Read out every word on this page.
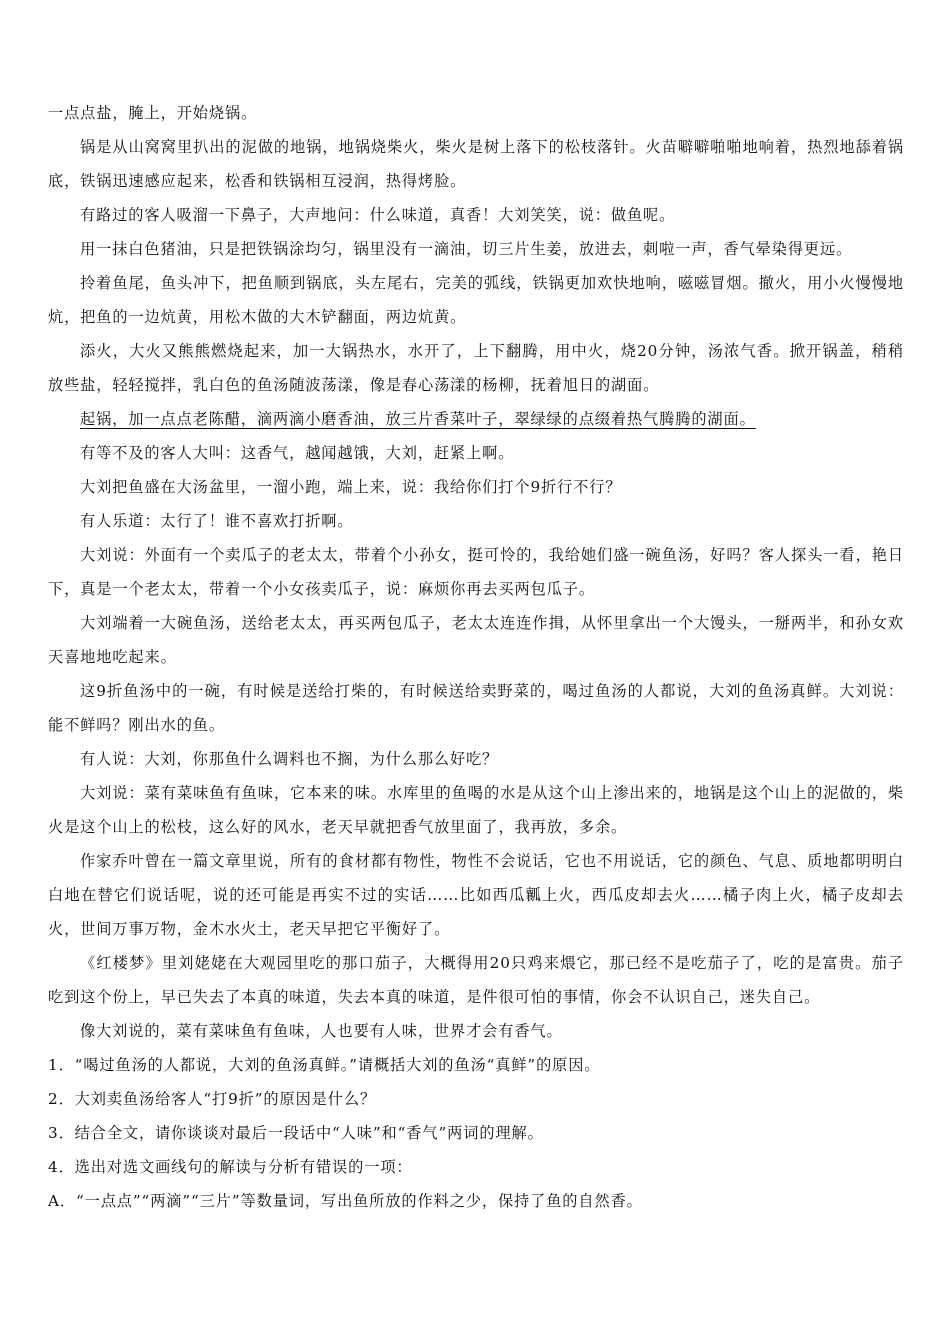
一点点盐，腌上，开始烧锅。

锅是从山窝窝里扒出的泥做的地锅，地锅烧柴火，柴火是树上落下的松枝落针。火苗噼噼啪啪地响着，热烈地舔着锅底，铁锅迅速感应起来，松香和铁锅相互浸润，热得烤脸。

有路过的客人吸溜一下鼻子，大声地问：什么味道，真香！大刘笑笑，说：做鱼呢。

用一抹白色猪油，只是把铁锅涂均匀，锅里没有一滴油，切三片生姜，放进去，刺啦一声，香气晕染得更远。

拎着鱼尾，鱼头冲下，把鱼顺到锅底，头左尾右，完美的弧线，铁锅更加欢快地响，嗞嗞冒烟。撤火，用小火慢慢地炕，把鱼的一边炕黄，用松木做的大木铲翻面，两边炕黄。

添火，大火又熊熊燃烧起来，加一大锅热水，水开了，上下翻腾，用中火，烧20分钟，汤浓气香。掀开锅盖，稍稍放些盐，轻轻搅拌，乳白色的鱼汤随波荡漾，像是春心荡漾的杨柳，抚着旭日的湖面。

起锅，加一点点老陈醋，滴两滴小磨香油，放三片香菜叶子，翠绿绿的点缀着热气腾腾的湖面。

有等不及的客人大叫：这香气，越闻越饿，大刘，赶紧上啊。

大刘把鱼盛在大汤盆里，一溜小跑，端上来，说：我给你们打个9折行不行？

有人乐道：太行了！谁不喜欢打折啊。

大刘说：外面有一个卖瓜子的老太太，带着个小孙女，挺可怜的，我给她们盛一碗鱼汤，好吗？客人探头一看，艳日下，真是一个老太太，带着一个小女孩卖瓜子，说：麻烦你再去买两包瓜子。

大刘端着一大碗鱼汤，送给老太太，再买两包瓜子，老太太连连作揖，从怀里拿出一个大馒头，一掰两半，和孙女欢天喜地地吃起来。

这9折鱼汤中的一碗，有时候是送给打柴的，有时候送给卖野菜的，喝过鱼汤的人都说，大刘的鱼汤真鲜。大刘说：能不鲜吗？刚出水的鱼。

有人说：大刘，你那鱼什么调料也不搁，为什么那么好吃？

大刘说：菜有菜味鱼有鱼味，它本来的味。水库里的鱼喝的水是从这个山上渗出来的，地锅是这个山上的泥做的，柴火是这个山上的松枝，这么好的风水，老天早就把香气放里面了，我再放，多余。

作家乔叶曾在一篇文章里说，所有的食材都有物性，物性不会说话，它也不用说话，它的颜色、气息、质地都明明白白地在替它们说话呢，说的还可能是再实不过的实话……比如西瓜瓤上火，西瓜皮却去火……橘子肉上火，橘子皮却去火，世间万事万物，金木水火土，老天早把它平衡好了。

《红楼梦》里刘姥姥在大观园里吃的那口茄子，大概得用20只鸡来煨它，那已经不是吃茄子了，吃的是富贵。茄子吃到这个份上，早已失去了本真的味道，失去本真的味道，是件很可怕的事情，你会不认识自己，迷失自己。

像大刘说的，菜有菜味鱼有鱼味，人也要有人味，世界才会有香气。

1．“喝过鱼汤的人都说，大刘的鱼汤真鲜。”请概括大刘的鱼汤“真鲜”的原因。

2．大刘卖鱼汤给客人“打9折”的原因是什么？

3．结合全文，请你谈谈对最后一段话中“人味”和“香气”两词的理解。

4．选出对选文画线句的解读与分析有错误的一项：

A．“一点点”“两滴”“三片”等数量词，写出鱼所放的作料之少，保持了鱼的自然香。
